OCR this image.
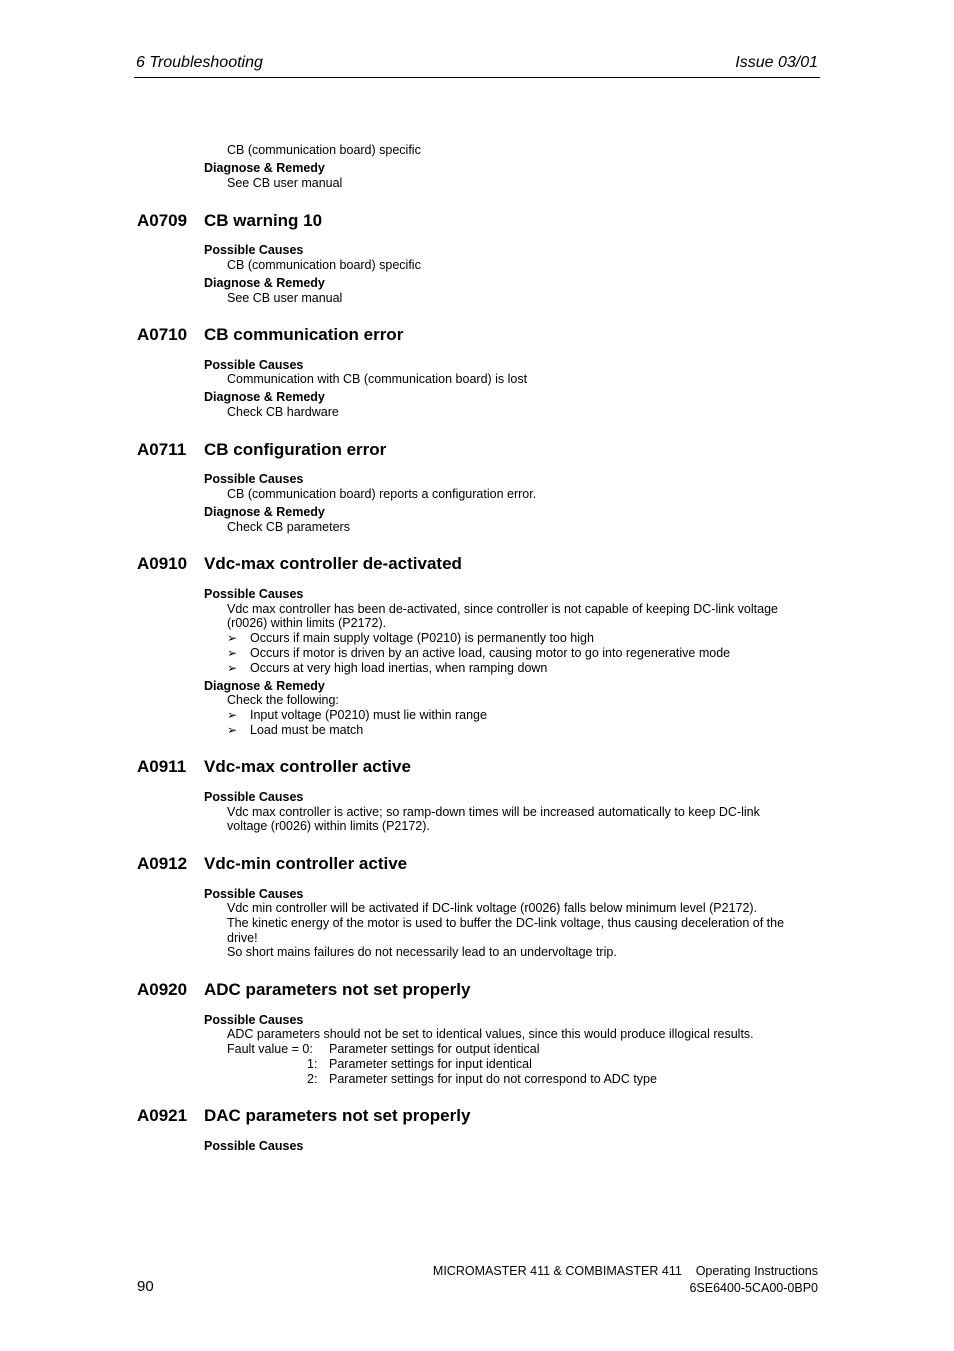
6 Troubleshooting	Issue 03/01
CB (communication board) specific
Diagnose & Remedy
See CB user manual
A0709 CB warning 10
Possible Causes
CB (communication board) specific
Diagnose & Remedy
See CB user manual
A0710 CB communication error
Possible Causes
Communication with CB (communication board) is lost
Diagnose & Remedy
Check CB hardware
A0711 CB configuration error
Possible Causes
CB (communication board) reports a configuration error.
Diagnose & Remedy
Check CB parameters
A0910 Vdc-max controller de-activated
Possible Causes
Vdc max controller has been de-activated, since controller is not capable of keeping DC-link voltage
(r0026) within limits (P2172).
➢ Occurs if main supply voltage (P0210) is permanently too high
➢ Occurs if motor is driven by an active load, causing motor to go into regenerative mode
➢ Occurs at very high load inertias, when ramping down
Diagnose & Remedy
Check the following:
➢ Input voltage (P0210) must lie within range
➢ Load must be match
A0911 Vdc-max controller active
Possible Causes
Vdc max controller is active; so ramp-down times will be increased automatically to keep DC-link
voltage (r0026) within limits (P2172).
A0912 Vdc-min controller active
Possible Causes
Vdc min controller will be activated if DC-link voltage (r0026) falls below minimum level (P2172).
The kinetic energy of the motor is used to buffer the DC-link voltage, thus causing deceleration of the
drive!
So short mains failures do not necessarily lead to an undervoltage trip.
A0920 ADC parameters not set properly
Possible Causes
ADC parameters should not be set to identical values, since this would produce illogical results.
Fault value = 0: Parameter settings for output identical
1: Parameter settings for input identical
2: Parameter settings for input do not correspond to ADC type
A0921 DAC parameters not set properly
Possible Causes
90
MICROMASTER 411 & COMBIMASTER 411    Operating Instructions
6SE6400-5CA00-0BP0
